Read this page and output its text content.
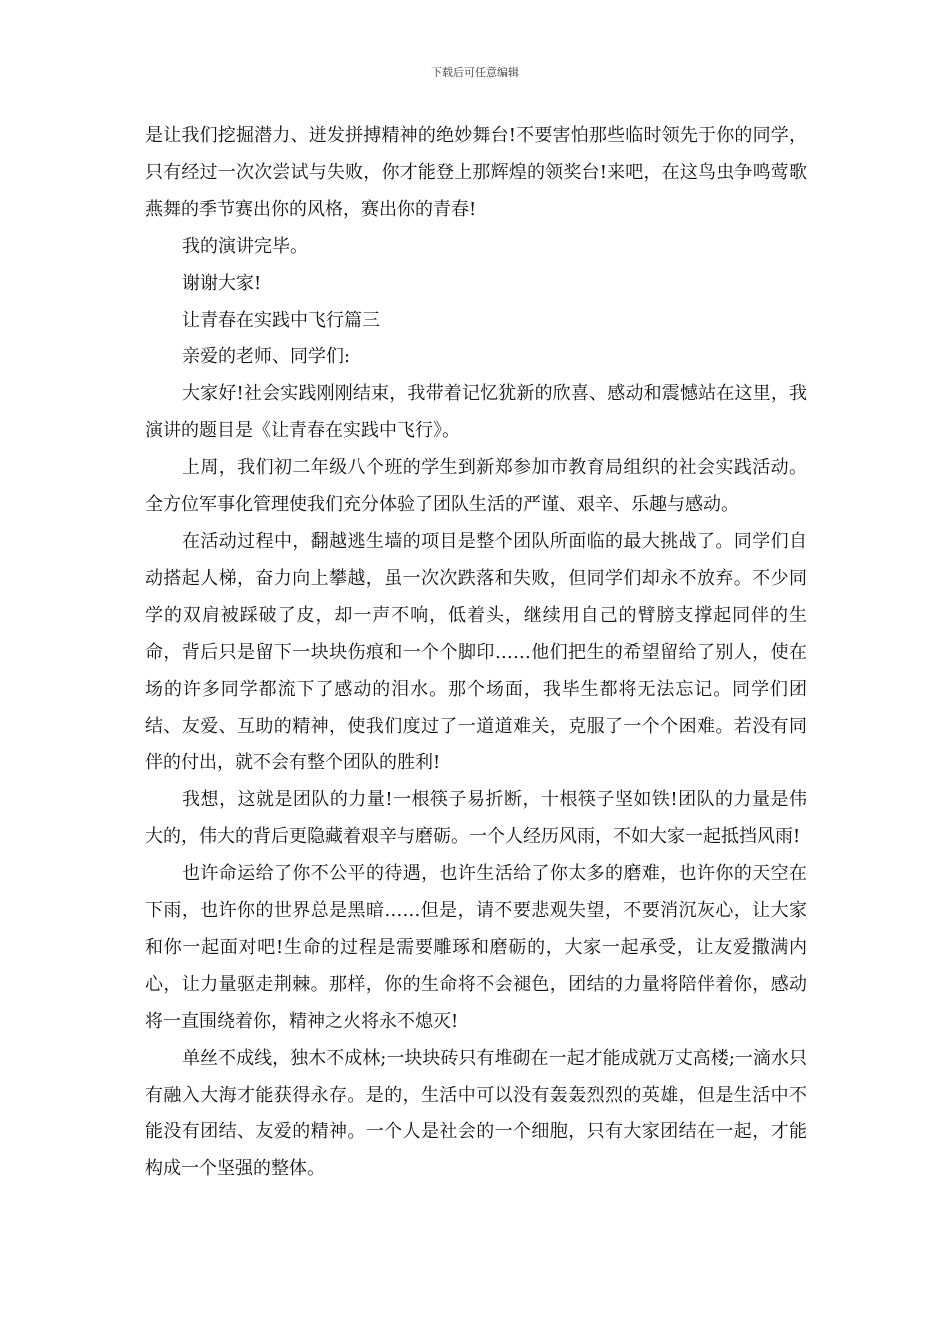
下载后可任意编辑

是让我们挖掘潜力、迸发拼搏精神的绝妙舞台!不要害怕那些临时领先于你的同学，只有经过一次次尝试与失败，你才能登上那辉煌的领奖台!来吧，在这鸟虫争鸣莺歌燕舞的季节赛出你的风格，赛出你的青春!

我的演讲完毕。

谢谢大家!

让青春在实践中飞行篇三

亲爱的老师、同学们:

大家好!社会实践刚刚结束，我带着记忆犹新的欣喜、感动和震憾站在这里，我演讲的题目是《让青春在实践中飞行》。

上周，我们初二年级八个班的学生到新郑参加市教育局组织的社会实践活动。全方位军事化管理使我们充分体验了团队生活的严谨、艰辛、乐趣与感动。

在活动过程中，翻越逃生墙的项目是整个团队所面临的最大挑战了。同学们自动搭起人梯，奋力向上攀越，虽一次次跌落和失败，但同学们却永不放弃。不少同学的双肩被踩破了皮，却一声不响，低着头，继续用自己的臂膀支撑起同伴的生命，背后只是留下一块块伤痕和一个个脚印……他们把生的希望留给了别人，使在场的许多同学都流下了感动的泪水。那个场面，我毕生都将无法忘记。同学们团结、友爱、互助的精神，使我们度过了一道道难关，克服了一个个困难。若没有同伴的付出，就不会有整个团队的胜利!

我想，这就是团队的力量!一根筷子易折断，十根筷子坚如铁!团队的力量是伟大的，伟大的背后更隐藏着艰辛与磨砺。一个人经历风雨，不如大家一起抵挡风雨!

也许命运给了你不公平的待遇，也许生活给了你太多的磨难，也许你的天空在下雨，也许你的世界总是黑暗……但是，请不要悲观失望，不要消沉灰心，让大家和你一起面对吧!生命的过程是需要雕琢和磨砺的，大家一起承受，让友爱撒满内心，让力量驱走荆棘。那样，你的生命将不会褪色，团结的力量将陪伴着你，感动将一直围绕着你，精神之火将永不熄灭!

单丝不成线，独木不成林;一块块砖只有堆砌在一起才能成就万丈高楼;一滴水只有融入大海才能获得永存。是的，生活中可以没有轰轰烈烈的英雄，但是生活中不能没有团结、友爱的精神。一个人是社会的一个细胞，只有大家团结在一起，才能构成一个坚强的整体。
